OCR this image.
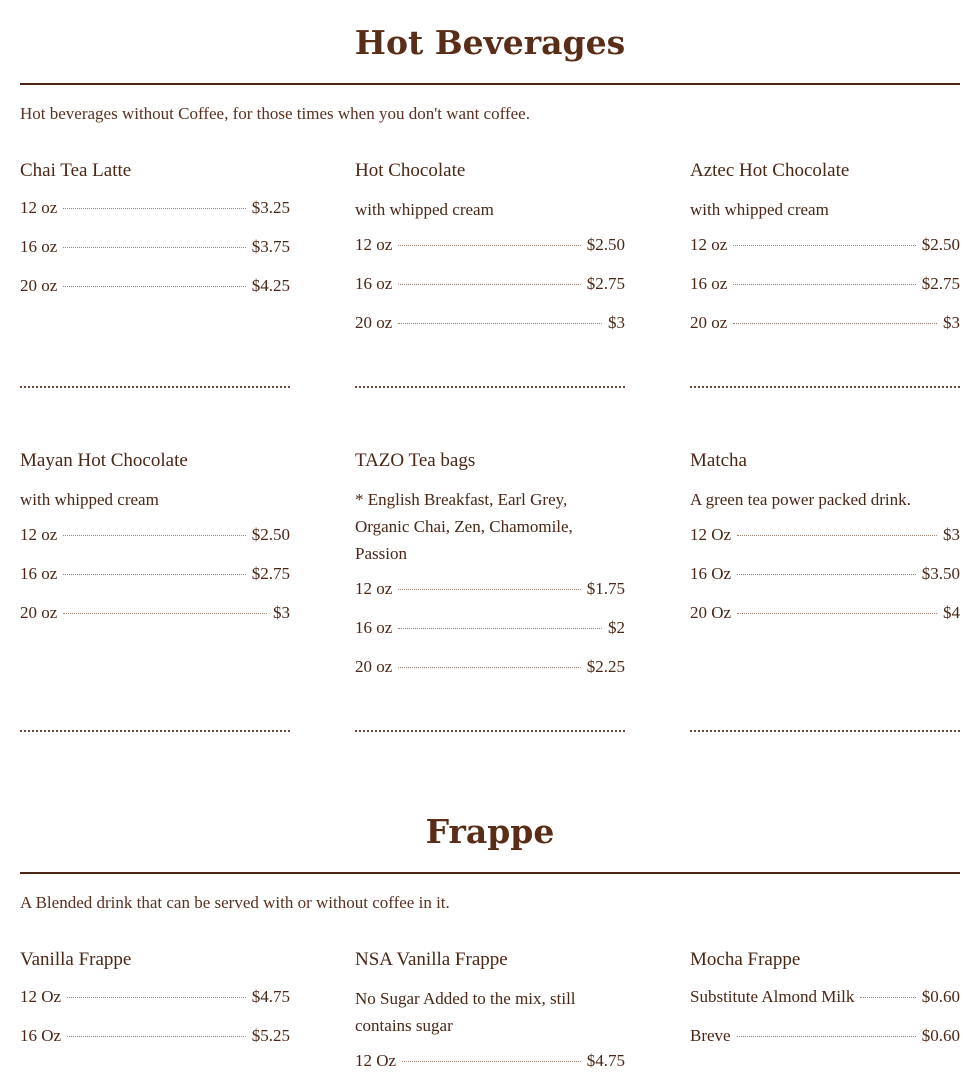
Hot Beverages
Hot beverages without Coffee, for those times when you don't want coffee.
Chai Tea Latte
12 oz	$3.25
16 oz	$3.75
20 oz	$4.25
Hot Chocolate
with whipped cream
12 oz	$2.50
16 oz	$2.75
20 oz	$3
Aztec Hot Chocolate
with whipped cream
12 oz	$2.50
16 oz	$2.75
20 oz	$3
Mayan Hot Chocolate
with whipped cream
12 oz	$2.50
16 oz	$2.75
20 oz	$3
TAZO Tea bags
* English Breakfast, Earl Grey, Organic Chai, Zen, Chamomile, Passion
12 oz	$1.75
16 oz	$2
20 oz	$2.25
Matcha
A green tea power packed drink.
12 Oz	$3
16 Oz	$3.50
20 Oz	$4
Frappe
A Blended drink that can be served with or without coffee in it.
Vanilla Frappe
12 Oz	$4.75
16 Oz	$5.25
NSA Vanilla Frappe
No Sugar Added to the mix, still contains sugar
12 Oz	$4.75
Mocha Frappe
Substitute Almond Milk	$0.60
Breve	$0.60
